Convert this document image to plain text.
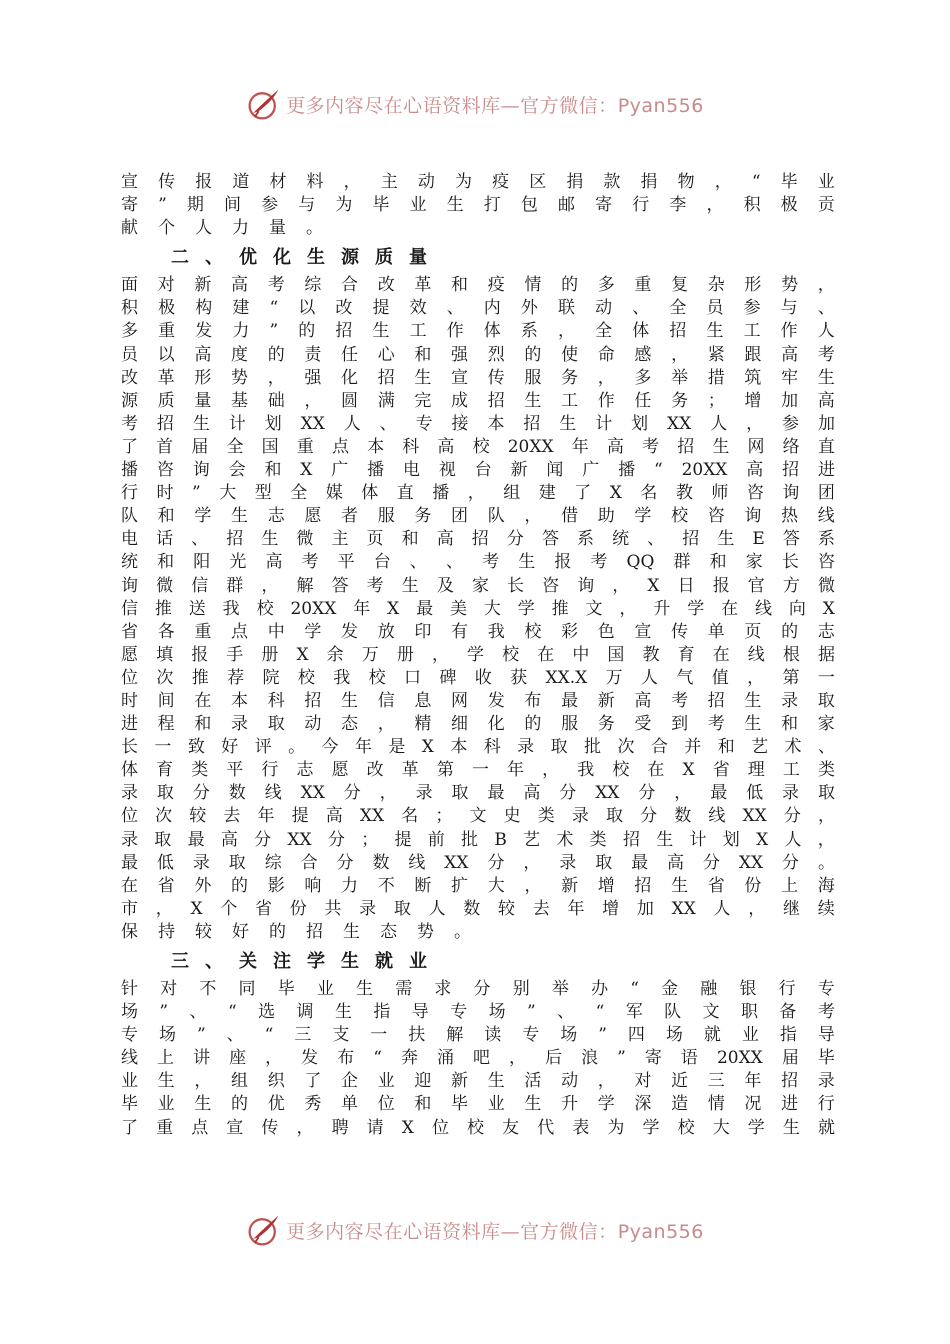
更多内容尽在心语资料库—官方微信：Pyan556
宣 传 报 道 材 料 ， 主 动 为 疫 区 捐 款 捐 物 ， “ 毕 业
寄 ” 期 间 参 与 为 毕 业 生 打 包 邮 寄 行 李 ， 积 极 贡
献 个 人 力 量 。
二 、 优 化 生 源 质 量
面 对 新 高 考 综 合 改 革 和 疫 情 的 多 重 复 杂 形 势 ，
积 极 构 建 “ 以 改 提 效 、 内 外 联 动 、 全 员 参 与 、
多 重 发 力 ” 的 招 生 工 作 体 系 ， 全 体 招 生 工 作 人
员 以 高 度 的 责 任 心 和 强 烈 的 使 命 感 ， 紧 跟 高 考
改 革 形 势 ， 强 化 招 生 宣 传 服 务 ， 多 举 措 筑 牢 生
源 质 量 基 础 ， 圆 满 完 成 招 生 工 作 任 务 ； 增 加 高
考 招 生 计 划 XX 人 、 专 接 本 招 生 计 划 XX 人 ， 参 加
了 首 届 全 国 重 点 本 科 高 校 20XX 年 高 考 招 生 网 络 直
播 咨 询 会 和 X 广 播 电 视 台 新 闻 广 播 “ 20XX 高 招 进
行 时 ” 大 型 全 媒 体 直 播 ， 组 建 了 X 名 教 师 咨 询 团
队 和 学 生 志 愿 者 服 务 团 队 ， 借 助 学 校 咨 询 热 线
电 话 、 招 生 微 主 页 和 高 招 分 答 系 统 、 招 生 E 答 系
统 和 阳 光 高 考 平 台 、 、 考 生 报 考 QQ 群 和 家 长 咨
询 微 信 群 ， 解 答 考 生 及 家 长 咨 询 ， X 日 报 官 方 微
信 推 送 我 校 20XX 年 X 最 美 大 学 推 文 ， 升 学 在 线 向 X
省 各 重 点 中 学 发 放 印 有 我 校 彩 色 宣 传 单 页 的 志
愿 填 报 手 册 X 余 万 册 ， 学 校 在 中 国 教 育 在 线 根 据
位 次 推 荐 院 校 我 校 口 碑 收 获 XX.X 万 人 气 值 ， 第 一
时 间 在 本 科 招 生 信 息 网 发 布 最 新 高 考 招 生 录 取
进 程 和 录 取 动 态 ， 精 细 化 的 服 务 受 到 考 生 和 家
长 一 致 好 评 。 今 年 是 X 本 科 录 取 批 次 合 并 和 艺 术 、
体 育 类 平 行 志 愿 改 革 第 一 年 ， 我 校 在 X 省 理 工 类
录 取 分 数 线 XX 分 ， 录 取 最 高 分 XX 分 ， 最 低 录 取
位 次 较 去 年 提 高 XX 名 ； 文 史 类 录 取 分 数 线 XX 分 ，
录 取 最 高 分 XX 分 ； 提 前 批 B 艺 术 类 招 生 计 划 X 人 ，
最 低 录 取 综 合 分 数 线 XX 分 ， 录 取 最 高 分 XX 分 。
在 省 外 的 影 响 力 不 断 扩 大 ， 新 增 招 生 省 份 上 海
市 ， X 个 省 份 共 录 取 人 数 较 去 年 增 加 XX 人 ， 继 续
保 持 较 好 的 招 生 态 势 。
三 、 关 注 学 生 就 业
针 对 不 同 毕 业 生 需 求 分 别 举 办 “ 金 融 银 行 专
场 ” 、 “ 选 调 生 指 导 专 场 ” 、 “ 军 队 文 职 备 考
专 场 ” 、 “ 三 支 一 扶 解 读 专 场 ” 四 场 就 业 指 导
线 上 讲 座 ， 发 布 “ 奔 涌 吧 ， 后 浪 ” 寄 语 20XX 届 毕
业 生 ， 组 织 了 企 业 迎 新 生 活 动 ， 对 近 三 年 招 录
毕 业 生 的 优 秀 单 位 和 毕 业 生 升 学 深 造 情 况 进 行
了 重 点 宣 传 ， 聘 请 X 位 校 友 代 表 为 学 校 大 学 生 就
更多内容尽在心语资料库—官方微信：Pyan556
